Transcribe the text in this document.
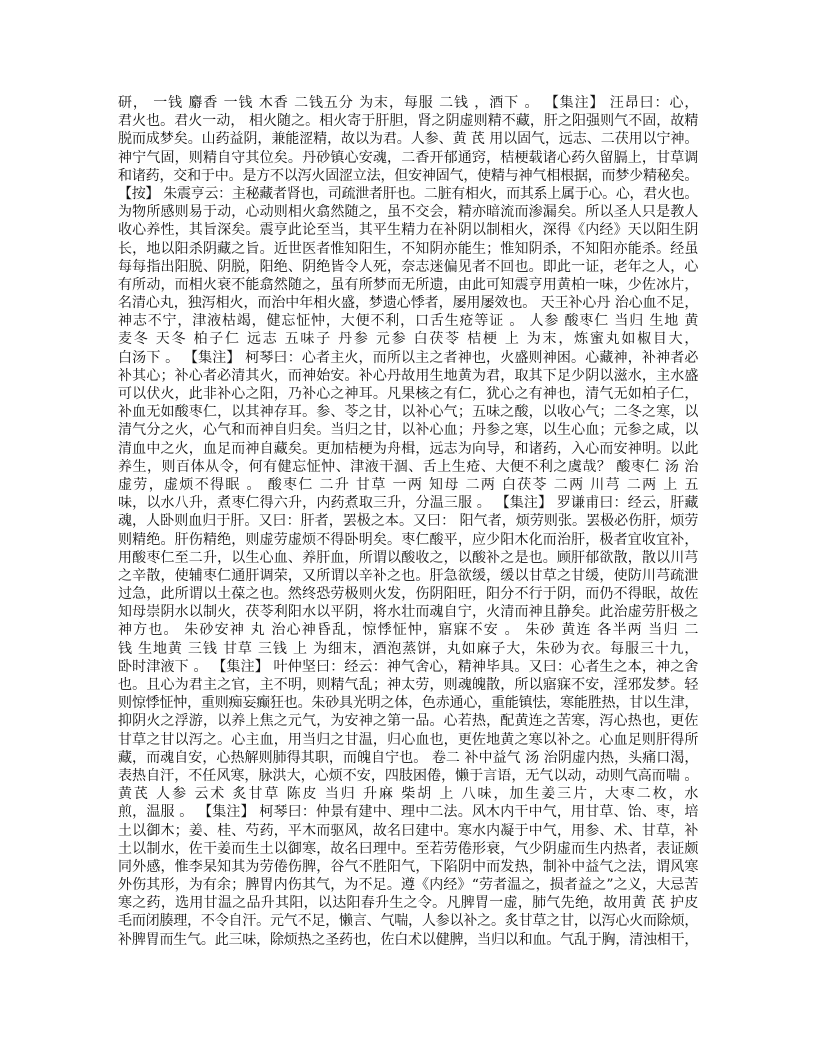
研， 一钱 麝香 一钱 木香 二钱五分 为末，每服 二钱 ，酒下 。 【集注】 汪昂曰：心，
君火也。君火一动， 相火随之。相火寄于肝胆，肾之阴虚则精不藏，肝之阳强则气不固，故精
脱而成梦矣。山药益阴，兼能涩精，故以为君。人参、黄 芪 用以固气，远志、二茯用以宁神。
神宁气固，则精自守其位矣。丹砂镇心安魂，二香开郁通窍，桔梗载诸心药久留膈上，甘草调
和诸药，交和于中。是方不以泻火固涩立法，但安神固气，使精与神气相根据，而梦少精秘矣。
【按】 朱震亨云：主秘藏者肾也，司疏泄者肝也。二脏有相火，而其系上属于心。心，君火也。
为物所感则易于动，心动则相火翕然随之，虽不交会，精亦暗流而渗漏矣。所以圣人只是教人
收心养性，其旨深矣。震亨此论至当，其平生精力在补阴以制相火，深得《内经》天以阳生阴
长，地以阳杀阴藏之旨。近世医者惟知阳生，不知阴亦能生；惟知阴杀，不知阳亦能杀。经虽
每每指出阳脱、阴脱，阳绝、阴绝皆令人死，奈志迷偏见者不回也。即此一证，老年之人，心
有所动，而相火衰不能翕然随之，虽有所梦而无所遗，由此可知震亨用黄柏一味，少佐冰片，
名清心丸，独泻相火，而治中年相火盛，梦遗心悸者，屡用屡效也。 天王补心丹 治心血不足，
神志不宁，津液枯竭，健忘怔忡，大便不利，口舌生疮等证 。 人参 酸枣仁 当归 生地 黄
麦冬 天冬 柏子仁 远志 五味子 丹参 元参 白茯苓 桔梗 上 为末，炼蜜丸如椒目大，
白汤下 。 【集注】 柯琴曰：心者主火，而所以主之者神也，火盛则神困。心藏神，补神者必
补其心；补心者必清其火，而神始安。补心丹故用生地黄为君，取其下足少阴以滋水，主水盛
可以伏火，此非补心之阳，乃补心之神耳。凡果核之有仁，犹心之有神也，清气无如柏子仁，
补血无如酸枣仁，以其神存耳。参、苓之甘，以补心气；五味之酸，以收心气；二冬之寒，以
清气分之火，心气和而神自归矣。当归之甘，以补心血；丹参之寒，以生心血；元参之咸，以
清血中之火，血足而神自藏矣。更加桔梗为舟楫，远志为向导，和诸药，入心而安神明。以此
养生，则百体从令，何有健忘怔忡、津液干涸、舌上生疮、大便不利之虞哉？ 酸枣仁 汤 治
虚劳，虚烦不得眠 。 酸枣仁 二升 甘草 一两 知母 二两 白茯苓 二两 川芎 二两 上 五
味，以水八升，煮枣仁得六升，内药煮取三升，分温三服 。 【集注】 罗谦甫曰：经云，肝藏
魂，人卧则血归于肝。又曰：肝者，罢极之本。又曰： 阳气者，烦劳则张。罢极必伤肝，烦劳
则精绝。肝伤精绝，则虚劳虚烦不得卧明矣。枣仁酸平，应少阳木化而治肝，极者宜收宜补，
用酸枣仁至二升，以生心血、养肝血，所谓以酸收之，以酸补之是也。顾肝郁欲散，散以川芎
之辛散，使辅枣仁通肝调荣，又所谓以辛补之也。肝急欲缓，缓以甘草之甘缓，使防川芎疏泄
过急，此所谓以土葆之也。然终恐劳极则火发，伤阴阳旺，阳分不行于阴，而仍不得眠，故佐
知母崇阴水以制火，茯苓利阳水以平阴，将水壮而魂自宁，火清而神且静矣。此治虚劳肝极之
神方也。 朱砂安神 丸 治心神昏乱，惊悸怔忡，寤寐不安 。 朱砂 黄连 各半两 当归 二
钱 生地黄 三钱 甘草 三钱 上 为细末，酒泡蒸饼，丸如麻子大，朱砂为衣。每服三十九，
卧时津液下 。 【集注】 叶仲坚曰：经云：神气舍心，精神毕具。又曰：心者生之本，神之舍
也。且心为君主之官，主不明，则精气乱；神太劳，则魂魄散，所以寤寐不安，淫邪发梦。轻
则惊悸怔忡，重则痴妄癫狂也。朱砂具光明之体，色赤通心，重能镇怯，寒能胜热，甘以生津，
抑阴火之浮游，以养上焦之元气，为安神之第一品。心若热，配黄连之苦寒，泻心热也，更佐
甘草之甘以泻之。心主血，用当归之甘温，归心血也，更佐地黄之寒以补之。心血足则肝得所
藏，而魂自安，心热解则肺得其职，而魄自宁也。 卷二 补中益气 汤 治阴虚内热，头痛口渴，
表热自汗，不任风寒，脉洪大，心烦不安，四肢困倦，懒于言语，无气以动，动则气高而喘 。
黄芪 人参 云术 炙甘草 陈皮 当归 升麻 柴胡 上 八味，加生姜三片，大枣二枚，水
煎，温服 。 【集注】 柯琴曰：仲景有建中、理中二法。风木内干中气，用甘草、饴、枣，培
土以御木；姜、桂、芍药，平木而驱风，故名曰建中。寒水内凝于中气，用参、术、甘草，补
土以制水，佐干姜而生土以御寒，故名曰理中。至若劳倦形衰，气少阴虚而生内热者，表证颇
同外感，惟李杲知其为劳倦伤脾，谷气不胜阳气，下陷阴中而发热，制补中益气之法，谓风寒
外伤其形，为有余；脾胃内伤其气，为不足。遵《内经》“劳者温之，损者益之”之义，大忌苦
寒之药，选用甘温之品升其阳，以达阳春升生之令。凡脾胃一虚，肺气先绝，故用黄 芪 护皮
毛而闭腠理，不令自汗。元气不足，懒言、气喘，人参以补之。炙甘草之甘，以泻心火而除烦，
补脾胃而生气。此三味，除烦热之圣药也，佐白术以健脾，当归以和血。气乱于胸，清浊相干，
